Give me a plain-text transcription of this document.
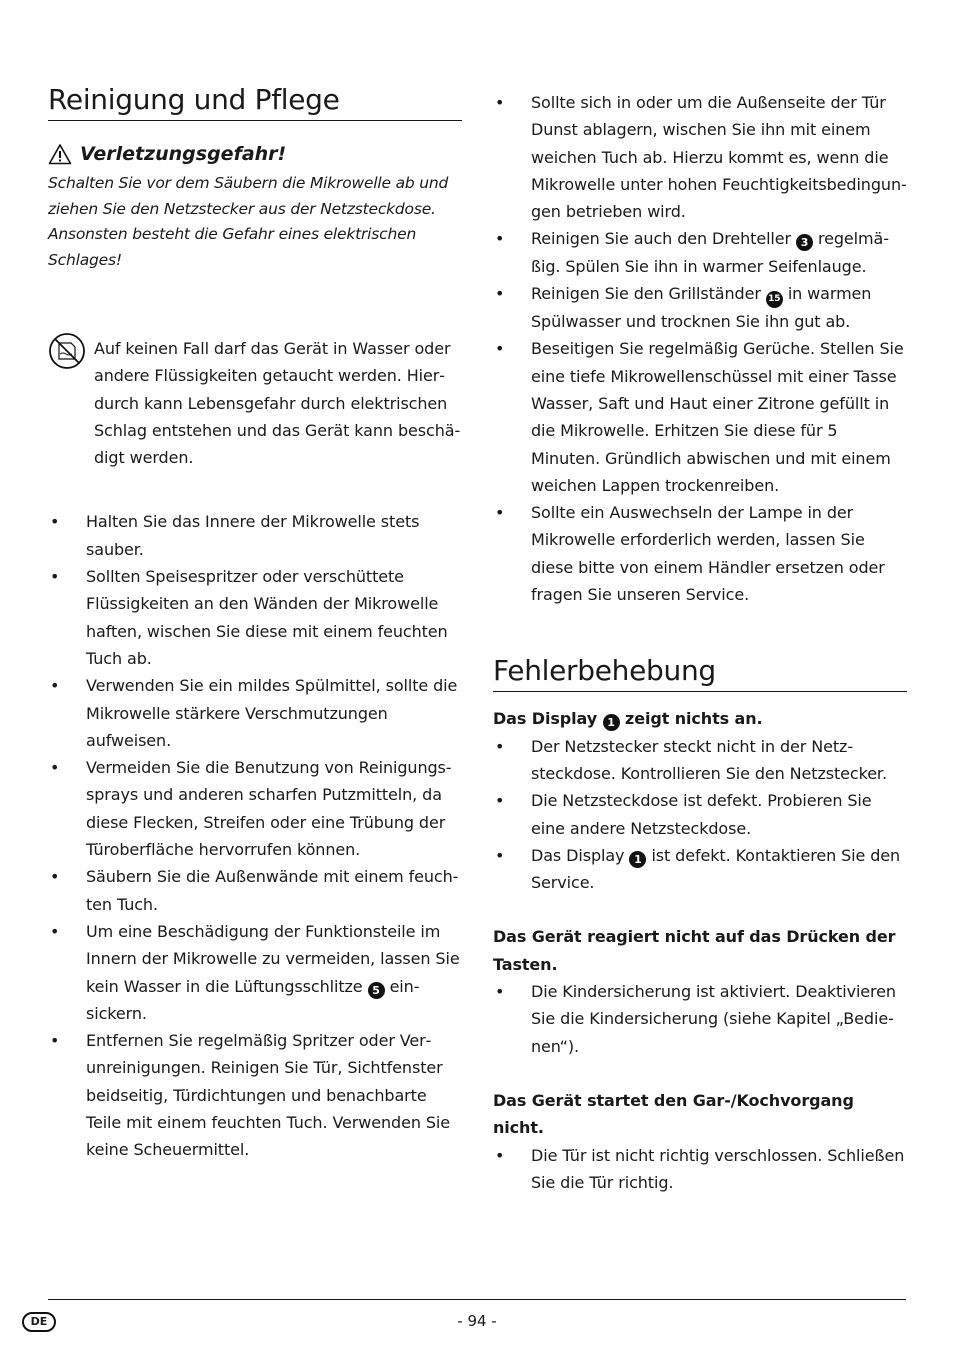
Reinigung und Pflege
Verletzungsgefahr!
Schalten Sie vor dem Säubern die Mikrowelle ab und ziehen Sie den Netzstecker aus der Netzsteckdose. Ansonsten besteht die Gefahr eines elektrischen Schlages!
Auf keinen Fall darf das Gerät in Wasser oder andere Flüssigkeiten getaucht werden. Hierdurch kann Lebensgefahr durch elektrischen Schlag entstehen und das Gerät kann beschädigt werden.
• Halten Sie das Innere der Mikrowelle stets sauber.
• Sollten Speisespritzer oder verschüttete Flüssigkeiten an den Wänden der Mikrowelle haften, wischen Sie diese mit einem feuchten Tuch ab.
• Verwenden Sie ein mildes Spülmittel, sollte die Mikrowelle stärkere Verschmutzungen aufweisen.
• Vermeiden Sie die Benutzung von Reinigungssprays und anderen scharfen Putzmitteln, da diese Flecken, Streifen oder eine Trübung der Türoberfläche hervorrufen können.
• Säubern Sie die Außenwände mit einem feuchten Tuch.
• Um eine Beschädigung der Funktionsteile im Innern der Mikrowelle zu vermeiden, lassen Sie kein Wasser in die Lüftungsschlitze 5 einsickern.
• Entfernen Sie regelmäßig Spritzer oder Verunreinigungen. Reinigen Sie Tür, Sichtfenster beidseitig, Türdichtungen und benachbarte Teile mit einem feuchten Tuch. Verwenden Sie keine Scheuermittel.
• Sollte sich in oder um die Außenseite der Tür Dunst ablagern, wischen Sie ihn mit einem weichen Tuch ab. Hierzu kommt es, wenn die Mikrowelle unter hohen Feuchtigkeitsbedingungen betrieben wird.
• Reinigen Sie auch den Drehteller 3 regelmäßig. Spülen Sie ihn in warmer Seifenlauge.
• Reinigen Sie den Grillständer 15 in warmen Spülwasser und trocknen Sie ihn gut ab.
• Beseitigen Sie regelmäßig Gerüche. Stellen Sie eine tiefe Mikrowellenschüssel mit einer Tasse Wasser, Saft und Haut einer Zitrone gefüllt in die Mikrowelle. Erhitzen Sie diese für 5 Minuten. Gründlich abwischen und mit einem weichen Lappen trockenreiben.
• Sollte ein Auswechseln der Lampe in der Mikrowelle erforderlich werden, lassen Sie diese bitte von einem Händler ersetzen oder fragen Sie unseren Service.
Fehlerbehebung
Das Display 1 zeigt nichts an.
• Der Netzstecker steckt nicht in der Netzsteckdose. Kontrollieren Sie den Netzstecker.
• Die Netzsteckdose ist defekt. Probieren Sie eine andere Netzsteckdose.
• Das Display 1 ist defekt. Kontaktieren Sie den Service.
Das Gerät reagiert nicht auf das Drücken der Tasten.
• Die Kindersicherung ist aktiviert. Deaktivieren Sie die Kindersicherung (siehe Kapitel „Bedienen“).
Das Gerät startet den Gar-/Kochvorgang nicht.
• Die Tür ist nicht richtig verschlossen. Schließen Sie die Tür richtig.
DE	- 94 -
